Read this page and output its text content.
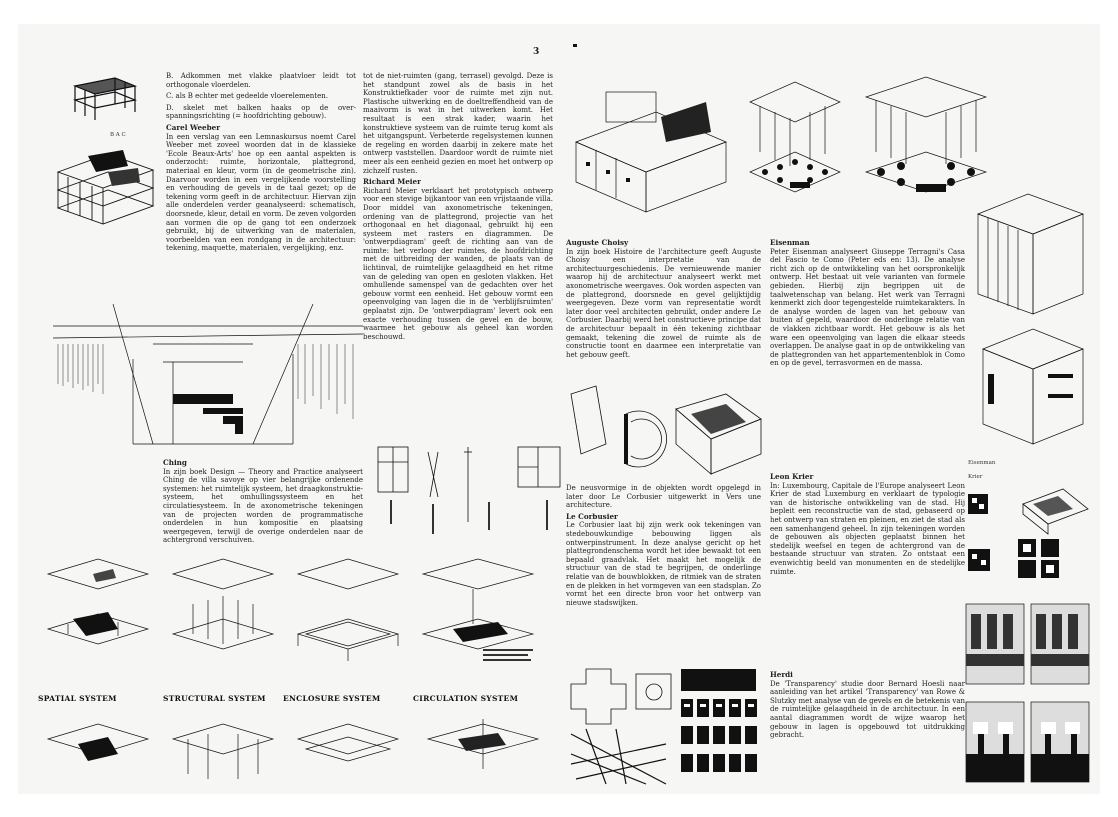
3
B A C

B. Adkommen met vlakke plaatvloer leidt tot orthogonale vloerdelen.

C. als B echter met gedeelde vloerelementen.

D. skelet met balken haaks op de over-spanningsrichting (= hoofdrichting gebouw).

Carel Weeber

In een verslag van een Lemnaskursus noemt Carel Weeber met zoveel woorden dat in de klassieke 'Ecole Beaux-Arts' hoe op een aantal aspekten is onderzocht: ruimte, horizontale, plattegrond, materiaal en kleur, vorm (in de geometrische zin). Daarvoor worden in een vergelijkende voorstelling en verhouding de gevels in de taal gezet; op de tekening vorm geeft in de architectuur. Hiervan zijn alle onderdelen verder geanalyseerd: schematisch, doorsnede, kleur, detail en vorm. De zeven volgorden aan vormen die op de gang tot een onderzoek gebruikt, bij de uitwerking van de materialen, voorbeelden van een rondgang in de architectuur: tekening, maquette, materialen, vergelijking, enz.

tot de niet-ruimten (gang, terrasel) gevolgd. Deze is het standpunt zowel als de basis in het Konstruktiefkader voor de ruimte met zijn nut. Plastische uitwerking en de doeltreffendheid van de maaivorm is wat in het uitwerken komt. Het resultaat is een strak kader, waarin het konstruktieve systeem van de ruimte terug komt als het uitgangspunt. Verbeterde regelsystemen kunnen de regeling en worden daarbij in zekere mate het ontwerp vaststellen. Daardoor wordt de ruimte niet meer als een eenheid gezien en moet het ontwerp op zichzelf rusten.

Richard Meier

Richard Meier verklaart het prototypisch ontwerp voor een stevige bijkantoor van een vrijstaande villa. Door middel van axonometrische tekeningen, ordening van de plattegrond, projectie van het orthogonaal en het diagonaal, gebruikt hij een systeem met rasters en diagrammen. De 'ontwerpdiagram' geeft de richting aan van de ruimte: het verloop der ruimtes, de hoofdrichting met de uitbreiding der wanden, de plaats van de lichtinval, de ruimtelijke gelaagdheid en het ritme van de geleding van open en gesloten vlakken. Het omhullende samenspel van de gedachten over het gebouw vormt een eenheid. Het gebouw vormt een opeenvolging van lagen die in de 'verblijfsruimten' geplaatst zijn. De 'ontwerpdiagram' levert ook een exacte verhouding tussen de gevel en de bouw, waarmee het gebouw als geheel kan worden beschouwd.

Ching

In zijn boek Design — Theory and Practice analyseert Ching de villa savoye op vier belangrijke ordenende systemen: het ruimtelijk systeem, het draagkonstruktie-systeem, het omhullingssysteem en het circulatiesysteem. In de axonometrische tekeningen van de projecten worden de programmatische onderdelen in hun kompositie en plaatsing weergegeven, terwijl de overige onderdelen naar de achtergrond verschuiven.

SPATIAL SYSTEM	STRUCTURAL SYSTEM ENCLOSURE SYSTEM	CIRCULATION SYSTEM
Auguste Choisy

In zijn boek Histoire de l'architecture geeft Auguste Choisy een interpretatie van de architectuurgeschiedenis. De vernieuwende manier waarop hij de architectuur analyseert werkt met axonometrische weergaves. Ook worden aspecten van de plattegrond, doorsnede en gevel gelijktijdig weergegeven. Deze vorm van representatie wordt later door veel architecten gebruikt, onder andere Le Corbusier. Daarbij werd het constructieve principe dat de architectuur bepaalt in één tekening zichtbaar gemaakt, tekening die zowel de ruimte als de constructie toont en daarmee een interpretatie van het gebouw geeft.

De neusvormige in de objekten wordt opgelegd in later door Le Corbusier uitgewerkt in Vers une architecture.

Le Corbusier

Le Corbusier laat bij zijn werk ook tekeningen van stedebouwkundige bebouwing liggen als ontwerpinstrument. In deze analyse gericht op het plattegrondenschema wordt het idee bewaakt tot een bepaald graadvlak. Het maakt het mogelijk de structuur van de stad te begrijpen, de onderlinge relatie van de bouwblokken, de ritmiek van de straten en de plekken in het vormgeven van een stadsplan. Zo vormt het een directe bron voor het ontwerp van nieuwe stadswijken.

Eisenman

Peter Eisenman analyseert Giuseppe Terragni's Casa del Fascio te Como (Peter eds en: 13). De analyse richt zich op de ontwikkeling van het oorspronkelijk ontwerp. Het bestaat uit vele varianten van formele gebieden. Hierbij zijn begrippen uit de taalwetenschap van belang. Het werk van Terragni kenmerkt zich door tegengestelde ruimtekarakters. In de analyse worden de lagen van het gebouw van buiten af gepeld, waardoor de onderlinge relatie van de vlakken zichtbaar wordt. Het gebouw is als het ware een opeenvolging van lagen die elkaar steeds overlappen. De analyse gaat in op de ontwikkeling van de plattegronden van het appartementenblok in Como en op de gevel, terrasvormen en de massa.

Leon Krier

In: Luxembourg, Capitale de l'Europe analyseert Leon Krier de stad Luxemburg en verklaart de typologie van de historische ontwikkeling van de stad. Hij bepleit een reconstructie van de stad, gebaseerd op het ontwerp van straten en pleinen, en ziet de stad als een samenhangend geheel. In zijn tekeningen worden de gebouwen als objecten geplaatst binnen het stedelijk weefsel en tegen de achtergrond van de bestaande structuur van straten. Zo ontstaat een evenwichtig beeld van monumenten en de stedelijke ruimte.

Herdi

De 'Transparency' studie door Bernard Hoesli naar aanleiding van het artikel 'Transparency' van Rowe & Slutzky met analyse van de gevels en de betekenis van de ruimtelijke gelaagdheid in de architectuur. In een aantal diagrammen wordt de wijze waarop het gebouw in lagen is opgebouwd tot uitdrukking gebracht.

Eisenman
Krier
